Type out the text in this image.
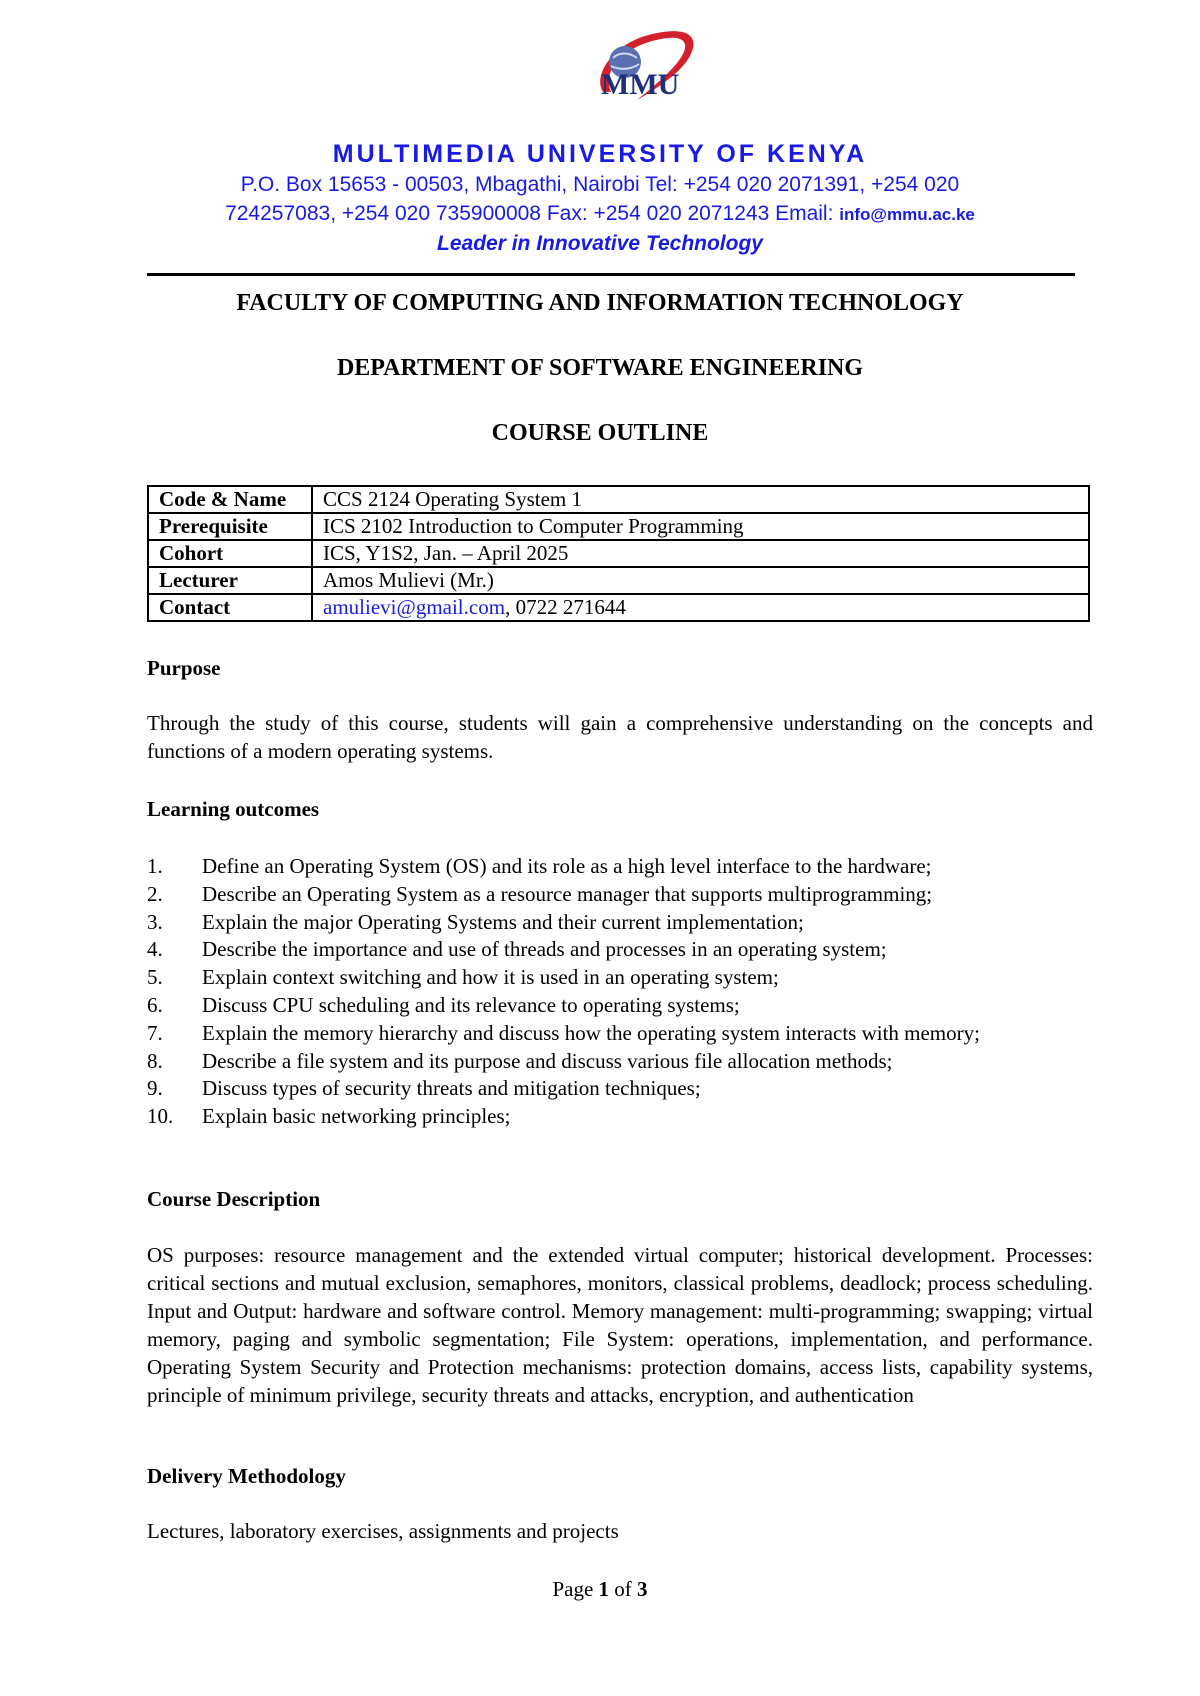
MMU
MULTIMEDIA UNIVERSITY OF KENYA
P.O. Box 15653 - 00503, Mbagathi, Nairobi Tel: +254 020 2071391, +254 020
724257083, +254 020 735900008 Fax: +254 020 2071243 Email: info@mmu.ac.ke
Leader in Innovative Technology
FACULTY OF COMPUTING AND INFORMATION TECHNOLOGY
DEPARTMENT OF SOFTWARE ENGINEERING
COURSE OUTLINE
Code & Name	CCS 2124 Operating System 1
Prerequisite	ICS 2102 Introduction to Computer Programming
Cohort	ICS, Y1S2, Jan. – April 2025
Lecturer	Amos Mulievi (Mr.)
Contact	amulievi@gmail.com, 0722 271644
Purpose
Through the study of this course, students will gain a comprehensive understanding on the concepts and functions of a modern operating systems.
Learning outcomes
1. Define an Operating System (OS) and its role as a high level interface to the hardware;
2. Describe an Operating System as a resource manager that supports multiprogramming;
3. Explain the major Operating Systems and their current implementation;
4. Describe the importance and use of threads and processes in an operating system;
5. Explain context switching and how it is used in an operating system;
6. Discuss CPU scheduling and its relevance to operating systems;
7. Explain the memory hierarchy and discuss how the operating system interacts with memory;
8. Describe a file system and its purpose and discuss various file allocation methods;
9. Discuss types of security threats and mitigation techniques;
10. Explain basic networking principles;
Course Description
OS purposes: resource management and the extended virtual computer; historical development. Processes: critical sections and mutual exclusion, semaphores, monitors, classical problems, deadlock; process scheduling. Input and Output: hardware and software control. Memory management: multi-programming; swapping; virtual memory, paging and symbolic segmentation; File System: operations, implementation, and performance. Operating System Security and Protection mechanisms: protection domains, access lists, capability systems, principle of minimum privilege, security threats and attacks, encryption, and authentication
Delivery Methodology
Lectures, laboratory exercises, assignments and projects
Page 1 of 3
